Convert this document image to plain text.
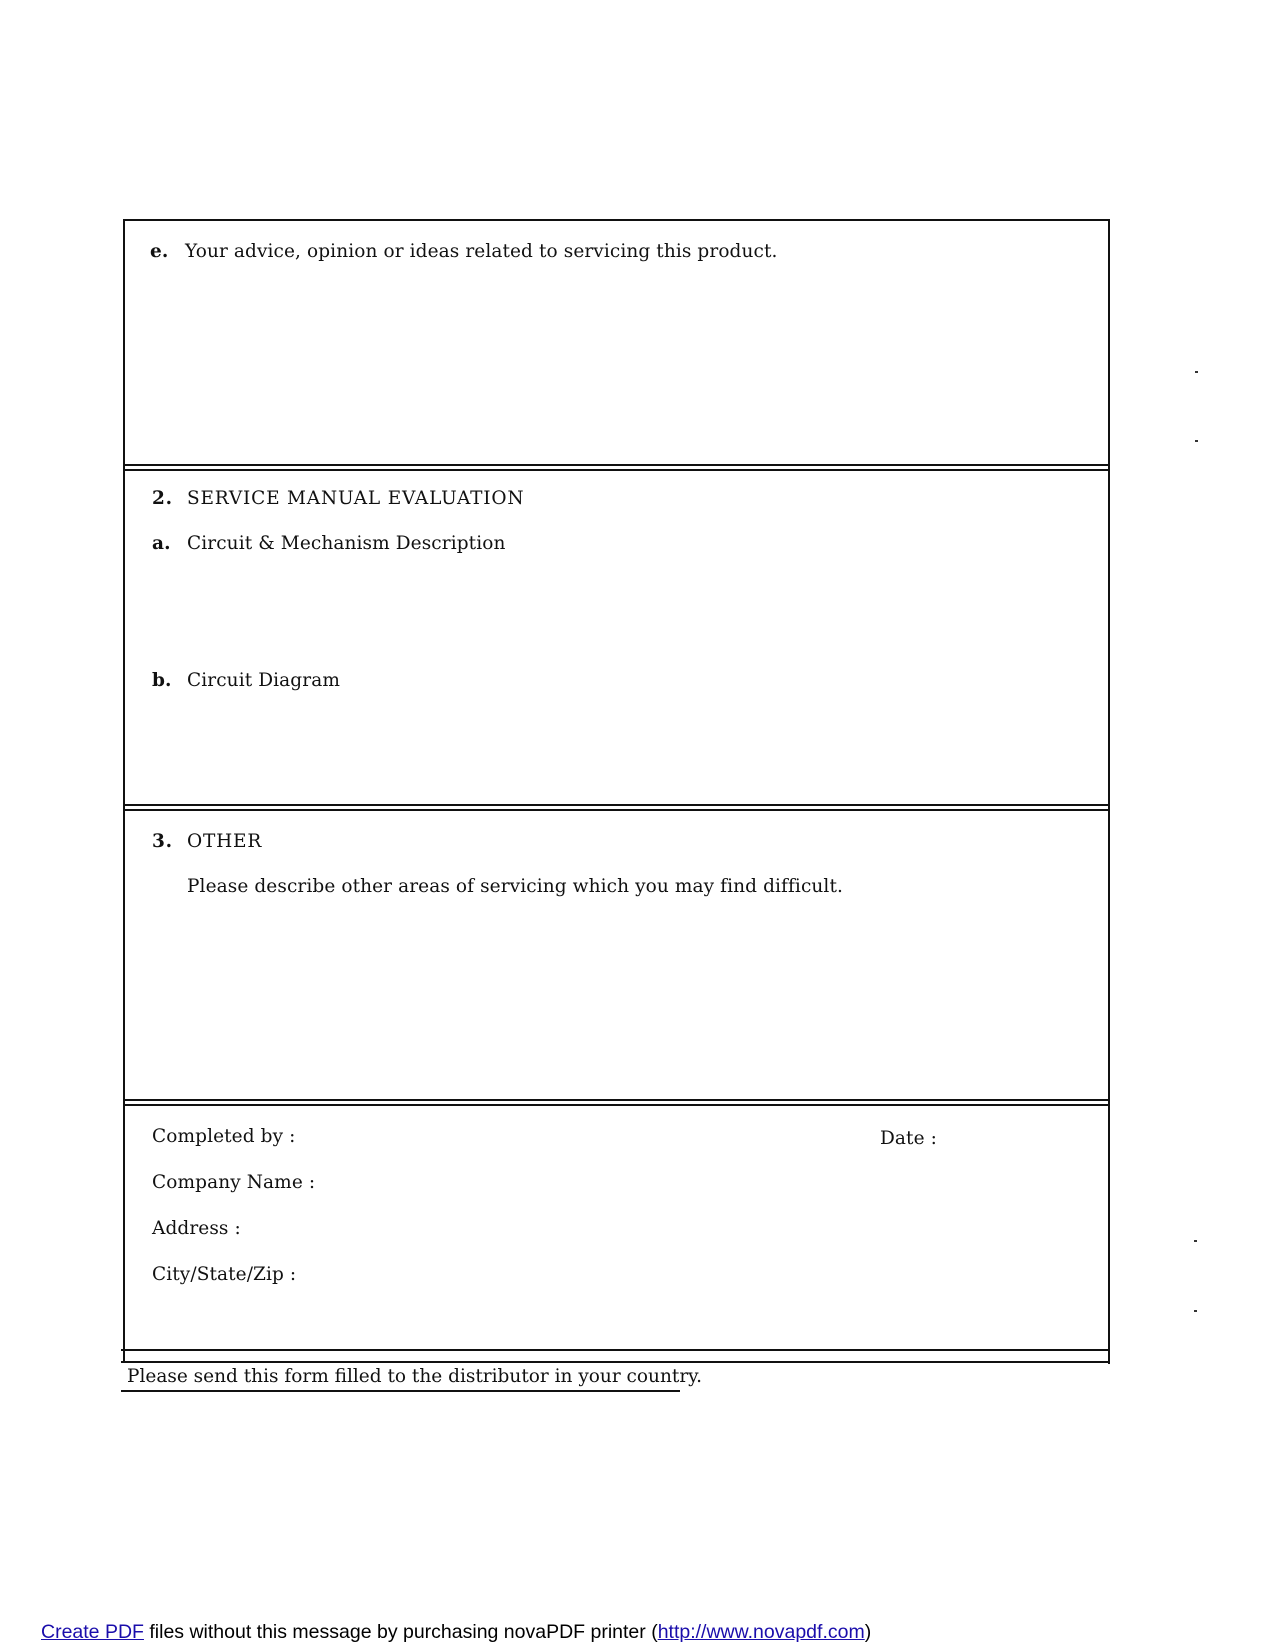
e. Your advice, opinion or ideas related to servicing this product.
2. SERVICE MANUAL EVALUATION
a. Circuit & Mechanism Description
b. Circuit Diagram
3. OTHER
Please describe other areas of servicing which you may find difficult.
Completed by :	Date :
Company Name :
Address :
City/State/Zip :
Please send this form filled to the distributor in your country.
Create PDF files without this message by purchasing novaPDF printer (http://www.novapdf.com)
